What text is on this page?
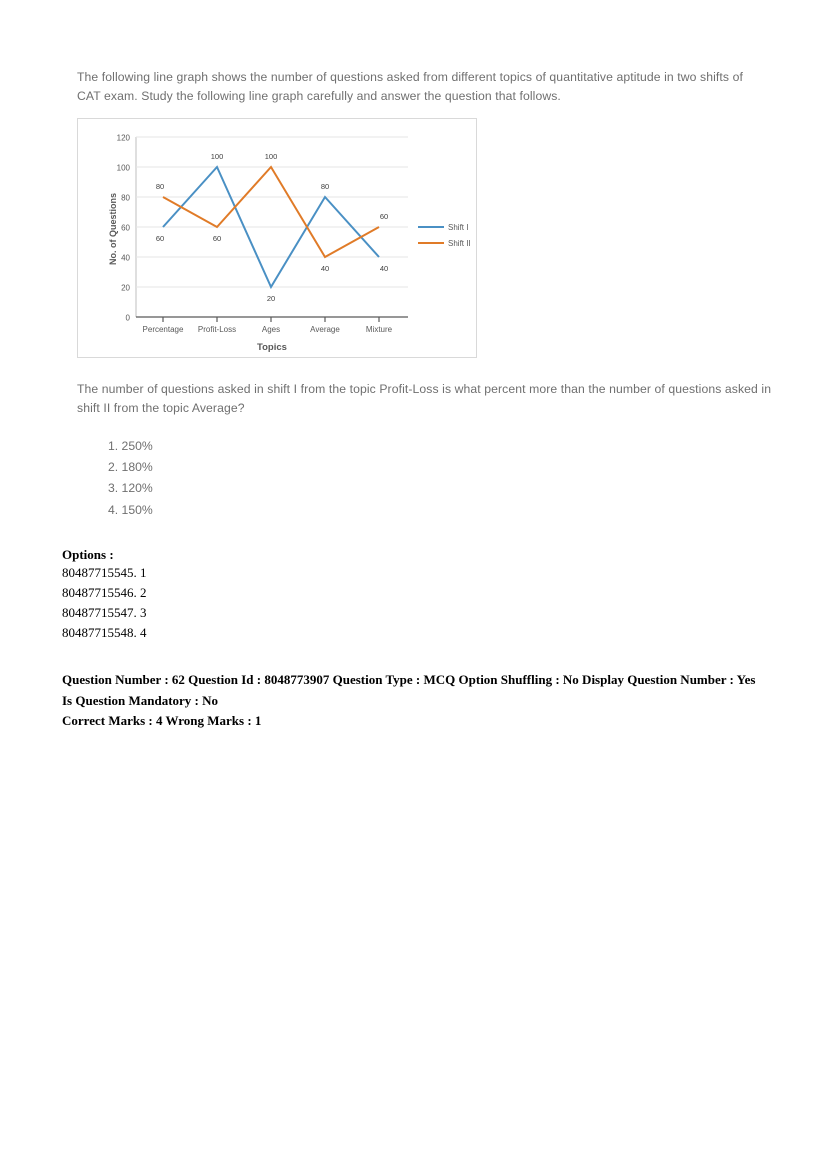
The following line graph shows the number of questions asked from different topics of quantitative aptitude in two shifts of CAT exam. Study the following line graph carefully and answer the question that follows.

120
100
80
60
40
20
0
Percentage Profit-Loss	Ages	Average	Mixture
No. of Questions
Topics
60
100
20
80
40
80
60
100
40
60
Shift I
Shift II

The number of questions asked in shift I from the topic Profit-Loss is what percent more than the number of questions asked in shift II from the topic Average?

1. 250%
2. 180%
3. 120%
4. 150%
Options :
80487715545. 1
80487715546. 2
80487715547. 3
80487715548. 4
Question Number : 62 Question Id : 8048773907 Question Type : MCQ Option Shuffling : No Display Question Number : Yes
Is Question Mandatory : No
Correct Marks : 4 Wrong Marks : 1
